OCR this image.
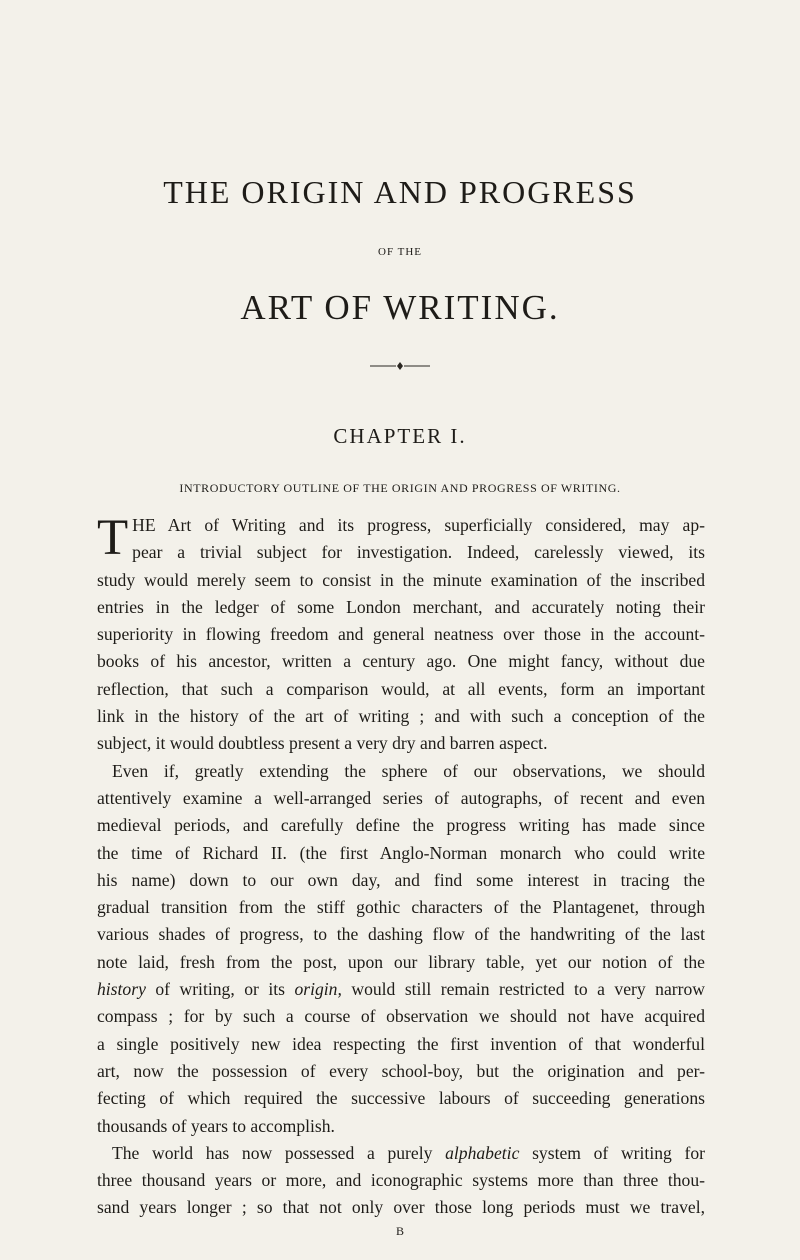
THE ORIGIN AND PROGRESS
OF THE
ART OF WRITING.
CHAPTER I.
INTRODUCTORY OUTLINE OF THE ORIGIN AND PROGRESS OF WRITING.
T HE Art of Writing and its progress, superficially considered, may ap-
pear a trivial subject for investigation. Indeed, carelessly viewed, its
study would merely seem to consist in the minute examination of the inscribed
entries in the ledger of some London merchant, and accurately noting their
superiority in flowing freedom and general neatness over those in the account-
books of his ancestor, written a century ago. One might fancy, without due
reflection, that such a comparison would, at all events, form an important
link in the history of the art of writing ; and with such a conception of the
subject, it would doubtless present a very dry and barren aspect.
Even if, greatly extending the sphere of our observations, we should
attentively examine a well-arranged series of autographs, of recent and even
medieval periods, and carefully define the progress writing has made since
the time of Richard II. (the first Anglo-Norman monarch who could write
his name) down to our own day, and find some interest in tracing the
gradual transition from the stiff gothic characters of the Plantagenet, through
various shades of progress, to the dashing flow of the handwriting of the last
note laid, fresh from the post, upon our library table, yet our notion of the
history of writing, or its origin, would still remain restricted to a very narrow
compass ; for by such a course of observation we should not have acquired
a single positively new idea respecting the first invention of that wonderful
art, now the possession of every school-boy, but the origination and per-
fecting of which required the successive labours of succeeding generations
thousands of years to accomplish.
The world has now possessed a purely alphabetic system of writing for
three thousand years or more, and iconographic systems more than three thou-
sand years longer ; so that not only over those long periods must we travel,
B
